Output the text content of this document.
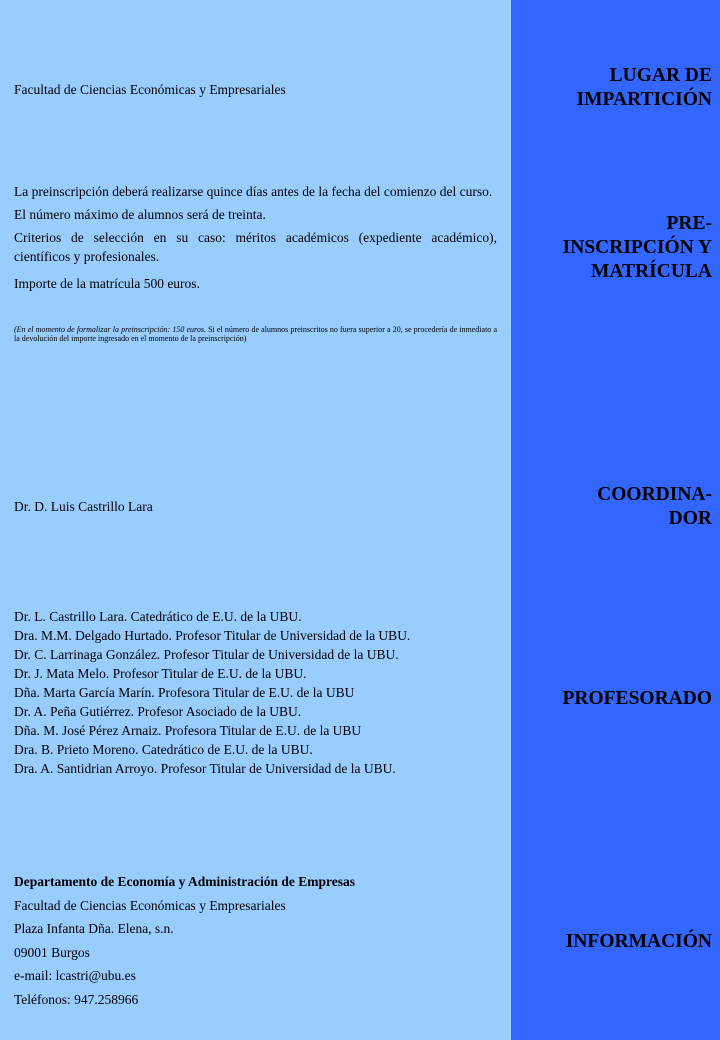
Facultad de Ciencias Económicas y Empresariales

La preinscripción deberá realizarse quince días antes de la fecha del comienzo del curso.

El número máximo de alumnos será de treinta.

Criterios de selección en su caso: méritos académicos (expediente académico), científicos y profesionales.

Importe de la matrícula 500 euros.

(En el momento de formalizar la preinscripción: 150 euros. Si el número de alumnos preinscritos no fuera superior a 20, se procedería de inmediato a la devolución del importe ingresado en el momento de la preinscripción)
Dr. D. Luis Castrillo Lara
Dr. L. Castrillo Lara. Catedrático de E.U. de la UBU.
Dra. M.M. Delgado Hurtado. Profesor Titular de Universidad de la UBU.
Dr. C. Larrinaga González. Profesor Titular de Universidad de la UBU.
Dr. J. Mata Melo. Profesor Titular de E.U. de la UBU.
Dña. Marta García Marín. Profesora Titular de E.U. de la UBU
Dr. A. Peña Gutiérrez. Profesor Asociado de la UBU.
Dña. M. José Pérez Arnaiz. Profesora Titular de E.U. de la UBU
Dra. B. Prieto Moreno. Catedrático de E.U. de la UBU.
Dra. A. Santidrian Arroyo. Profesor Titular de Universidad de la UBU.
Departamento de Economía y Administración de Empresas
Facultad de Ciencias Económicas y Empresariales
Plaza Infanta Dña. Elena, s.n.
09001 Burgos
e-mail: lcastri@ubu.es
Teléfonos: 947.258966
LUGAR DE
IMPARTICIÓN
PRE-
INSCRIPCIÓN Y
MATRÍCULA
COORDINA-
DOR
PROFESORADO
INFORMACIÓN
